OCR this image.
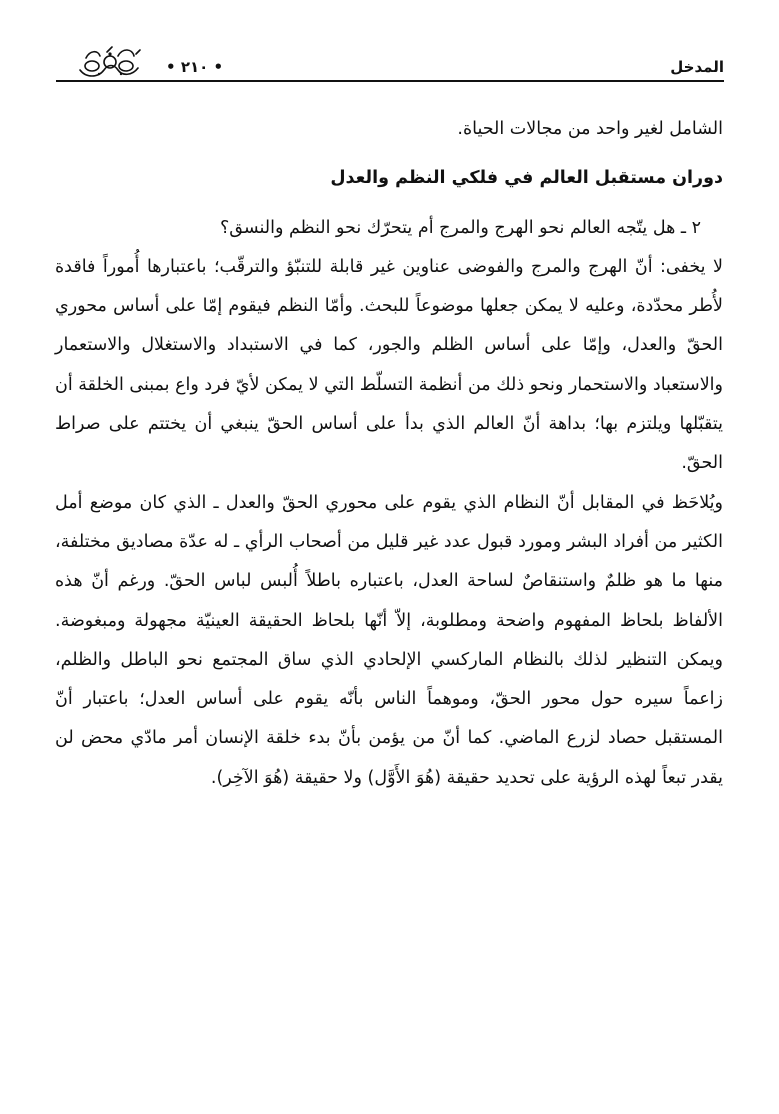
المدخل
• ٢١٠ •

الشامل لغير واحد من مجالات الحياة.

دوران مستقبل العالم في فلكي النظم والعدل

٢ ـ هل يتّجه العالم نحو الهرج والمرج أم يتحرّك نحو النظم والنسق؟

لا يخفى: أنّ الهرج والمرج والفوضى عناوين غير قابلة للتنبّؤ والترقّب؛ باعتبارها أُموراً فاقدة لأُطر محدّدة، وعليه لا يمكن جعلها موضوعاً للبحث. وأمّا النظم فيقوم إمّا على أساس محوري الحقّ والعدل، وإمّا على أساس الظلم والجور، كما في الاستبداد والاستغلال والاستعمار والاستعباد والاستحمار ونحو ذلك من أنظمة التسلّط التي لا يمكن لأيّ فرد واع بمبنى الخلقة أن يتقبّلها ويلتزم بها؛ بداهة أنّ العالم الذي بدأ على أساس الحقّ ينبغي أن يختتم على صراط الحقّ.

ويُلاحَظ في المقابل أنّ النظام الذي يقوم على محوري الحقّ والعدل ـ الذي كان موضع أمل الكثير من أفراد البشر ومورد قبول عدد غير قليل من أصحاب الرأي ـ له عدّة مصاديق مختلفة، منها ما هو ظلمٌ واستنقاصٌ لساحة العدل، باعتباره باطلاً أُلبس لباس الحقّ. ورغم أنّ هذه الألفاظ بلحاظ المفهوم واضحة ومطلوبة، إلاّ أنّها بلحاظ الحقيقة العينيّة مجهولة ومبغوضة. ويمكن التنظير لذلك بالنظام الماركسي الإلحادي الذي ساق المجتمع نحو الباطل والظلم، زاعماً سيره حول محور الحقّ، وموهماً الناس بأنّه يقوم على أساس العدل؛ باعتبار أنّ المستقبل حصاد لزرع الماضي. كما أنّ من يؤمن بأنّ بدء خلقة الإنسان أمر مادّي محض لن يقدر تبعاً لهذه الرؤية على تحديد حقيقة (هُوَ الأَوَّل) ولا حقيقة (هُوَ الآخِر).
